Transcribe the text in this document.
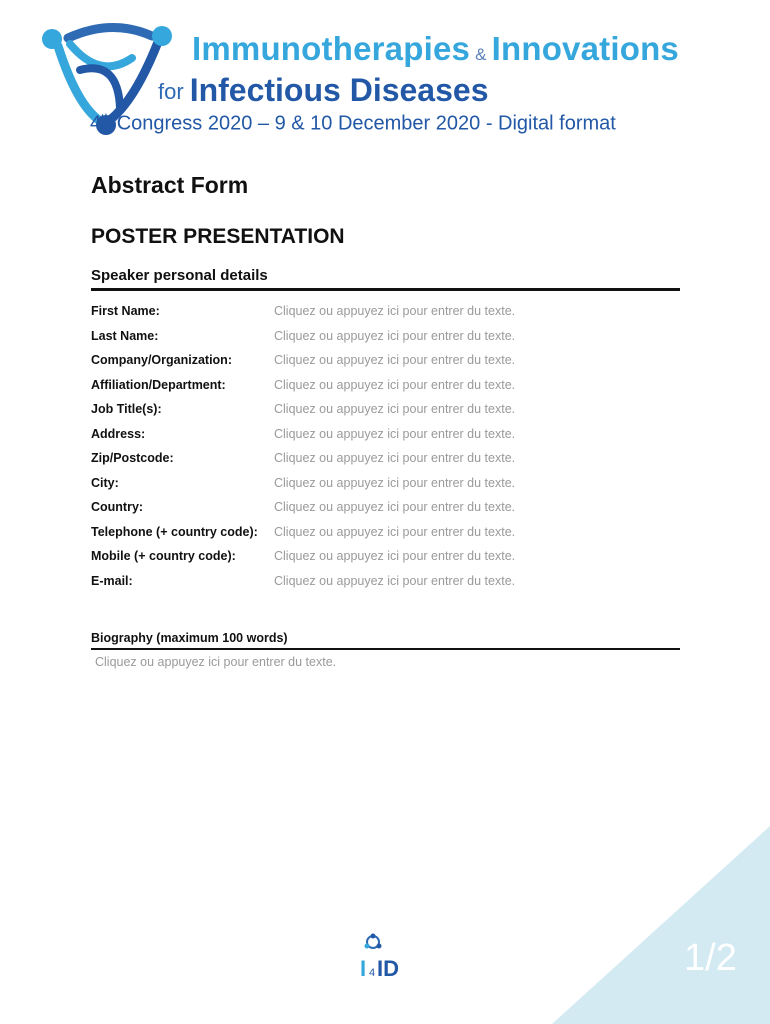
Immunotherapies & Innovations
for Infectious Diseases
4th Congress 2020 – 9 & 10 December 2020 - Digital format
Abstract Form
POSTER PRESENTATION
Speaker personal details
First Name:	Cliquez ou appuyez ici pour entrer du texte.
Last Name:	Cliquez ou appuyez ici pour entrer du texte.
Company/Organization:	Cliquez ou appuyez ici pour entrer du texte.
Affiliation/Department:	Cliquez ou appuyez ici pour entrer du texte.
Job Title(s):	Cliquez ou appuyez ici pour entrer du texte.
Address:	Cliquez ou appuyez ici pour entrer du texte.
Zip/Postcode:	Cliquez ou appuyez ici pour entrer du texte.
City:	Cliquez ou appuyez ici pour entrer du texte.
Country:	Cliquez ou appuyez ici pour entrer du texte.
Telephone (+ country code):	Cliquez ou appuyez ici pour entrer du texte.
Mobile (+ country code):	Cliquez ou appuyez ici pour entrer du texte.
E-mail:	Cliquez ou appuyez ici pour entrer du texte.
Biography (maximum 100 words)
Cliquez ou appuyez ici pour entrer du texte.
I 4 ID	1/2
